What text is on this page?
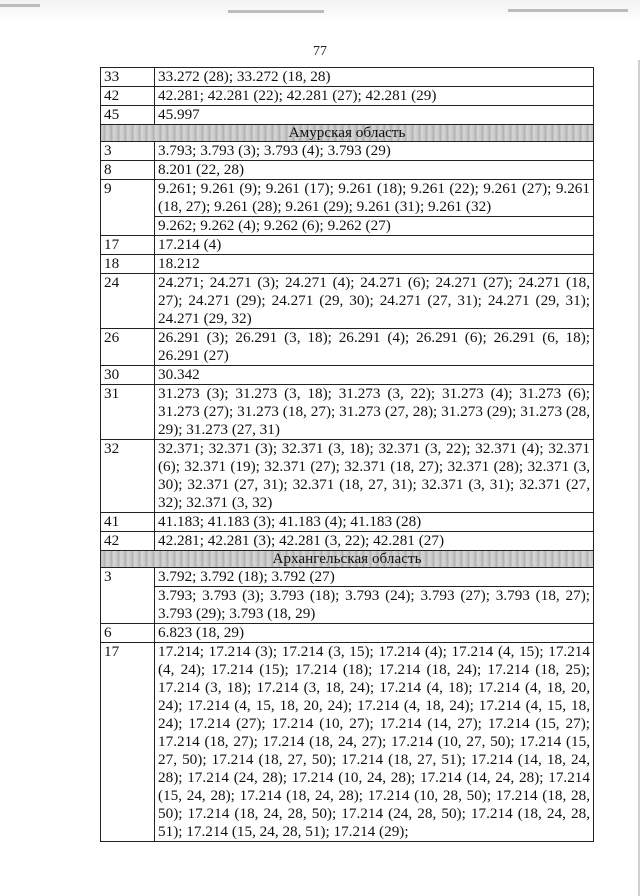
77
33	33.272 (28); 33.272 (18, 28)
42	42.281; 42.281 (22); 42.281 (27); 42.281 (29)
45	45.997
Амурская область	
3	3.793; 3.793 (3); 3.793 (4); 3.793 (29)
8	8.201 (22, 28)
9	9.261; 9.261 (9); 9.261 (17); 9.261 (18); 9.261 (22); 9.261 (27); 9.261 (18, 27); 9.261 (28); 9.261 (29); 9.261 (31); 9.261 (32)
	9.262; 9.262 (4); 9.262 (6); 9.262 (27)
17	17.214 (4)
18	18.212
24	24.271; 24.271 (3); 24.271 (4); 24.271 (6); 24.271 (27); 24.271 (18, 27); 24.271 (29); 24.271 (29, 30); 24.271 (27, 31); 24.271 (29, 31); 24.271 (29, 32)
26	26.291 (3); 26.291 (3, 18); 26.291 (4); 26.291 (6); 26.291 (6, 18); 26.291 (27)
30	30.342
31	31.273 (3); 31.273 (3, 18); 31.273 (3, 22); 31.273 (4); 31.273 (6); 31.273 (27); 31.273 (18, 27); 31.273 (27, 28); 31.273 (29); 31.273 (28, 29); 31.273 (27, 31)
32	32.371; 32.371 (3); 32.371 (3, 18); 32.371 (3, 22); 32.371 (4); 32.371 (6); 32.371 (19); 32.371 (27); 32.371 (18, 27); 32.371 (28); 32.371 (3, 30); 32.371 (27, 31); 32.371 (18, 27, 31); 32.371 (3, 31); 32.371 (27, 32); 32.371 (3, 32)
41	41.183; 41.183 (3); 41.183 (4); 41.183 (28)
42	42.281; 42.281 (3); 42.281 (3, 22); 42.281 (27)
Архангельская область	
3	3.792; 3.792 (18); 3.792 (27)
	3.793; 3.793 (3); 3.793 (18); 3.793 (24); 3.793 (27); 3.793 (18, 27); 3.793 (29); 3.793 (18, 29)
6	6.823 (18, 29)
17	17.214; 17.214 (3); 17.214 (3, 15); 17.214 (4); 17.214 (4, 15); 17.214 (4, 24); 17.214 (15); 17.214 (18); 17.214 (18, 24); 17.214 (18, 25); 17.214 (3, 18); 17.214 (3, 18, 24); 17.214 (4, 18); 17.214 (4, 18, 20, 24); 17.214 (4, 15, 18, 20, 24); 17.214 (4, 18, 24); 17.214 (4, 15, 18, 24); 17.214 (27); 17.214 (10, 27); 17.214 (14, 27); 17.214 (15, 27); 17.214 (18, 27); 17.214 (18, 24, 27); 17.214 (10, 27, 50); 17.214 (15, 27, 50); 17.214 (18, 27, 50); 17.214 (18, 27, 51); 17.214 (14, 18, 24, 28); 17.214 (24, 28); 17.214 (10, 24, 28); 17.214 (14, 24, 28); 17.214 (15, 24, 28); 17.214 (18, 24, 28); 17.214 (10, 28, 50); 17.214 (18, 28, 50); 17.214 (18, 24, 28, 50); 17.214 (24, 28, 50); 17.214 (18, 24, 28, 51); 17.214 (15, 24, 28, 51); 17.214 (29);
